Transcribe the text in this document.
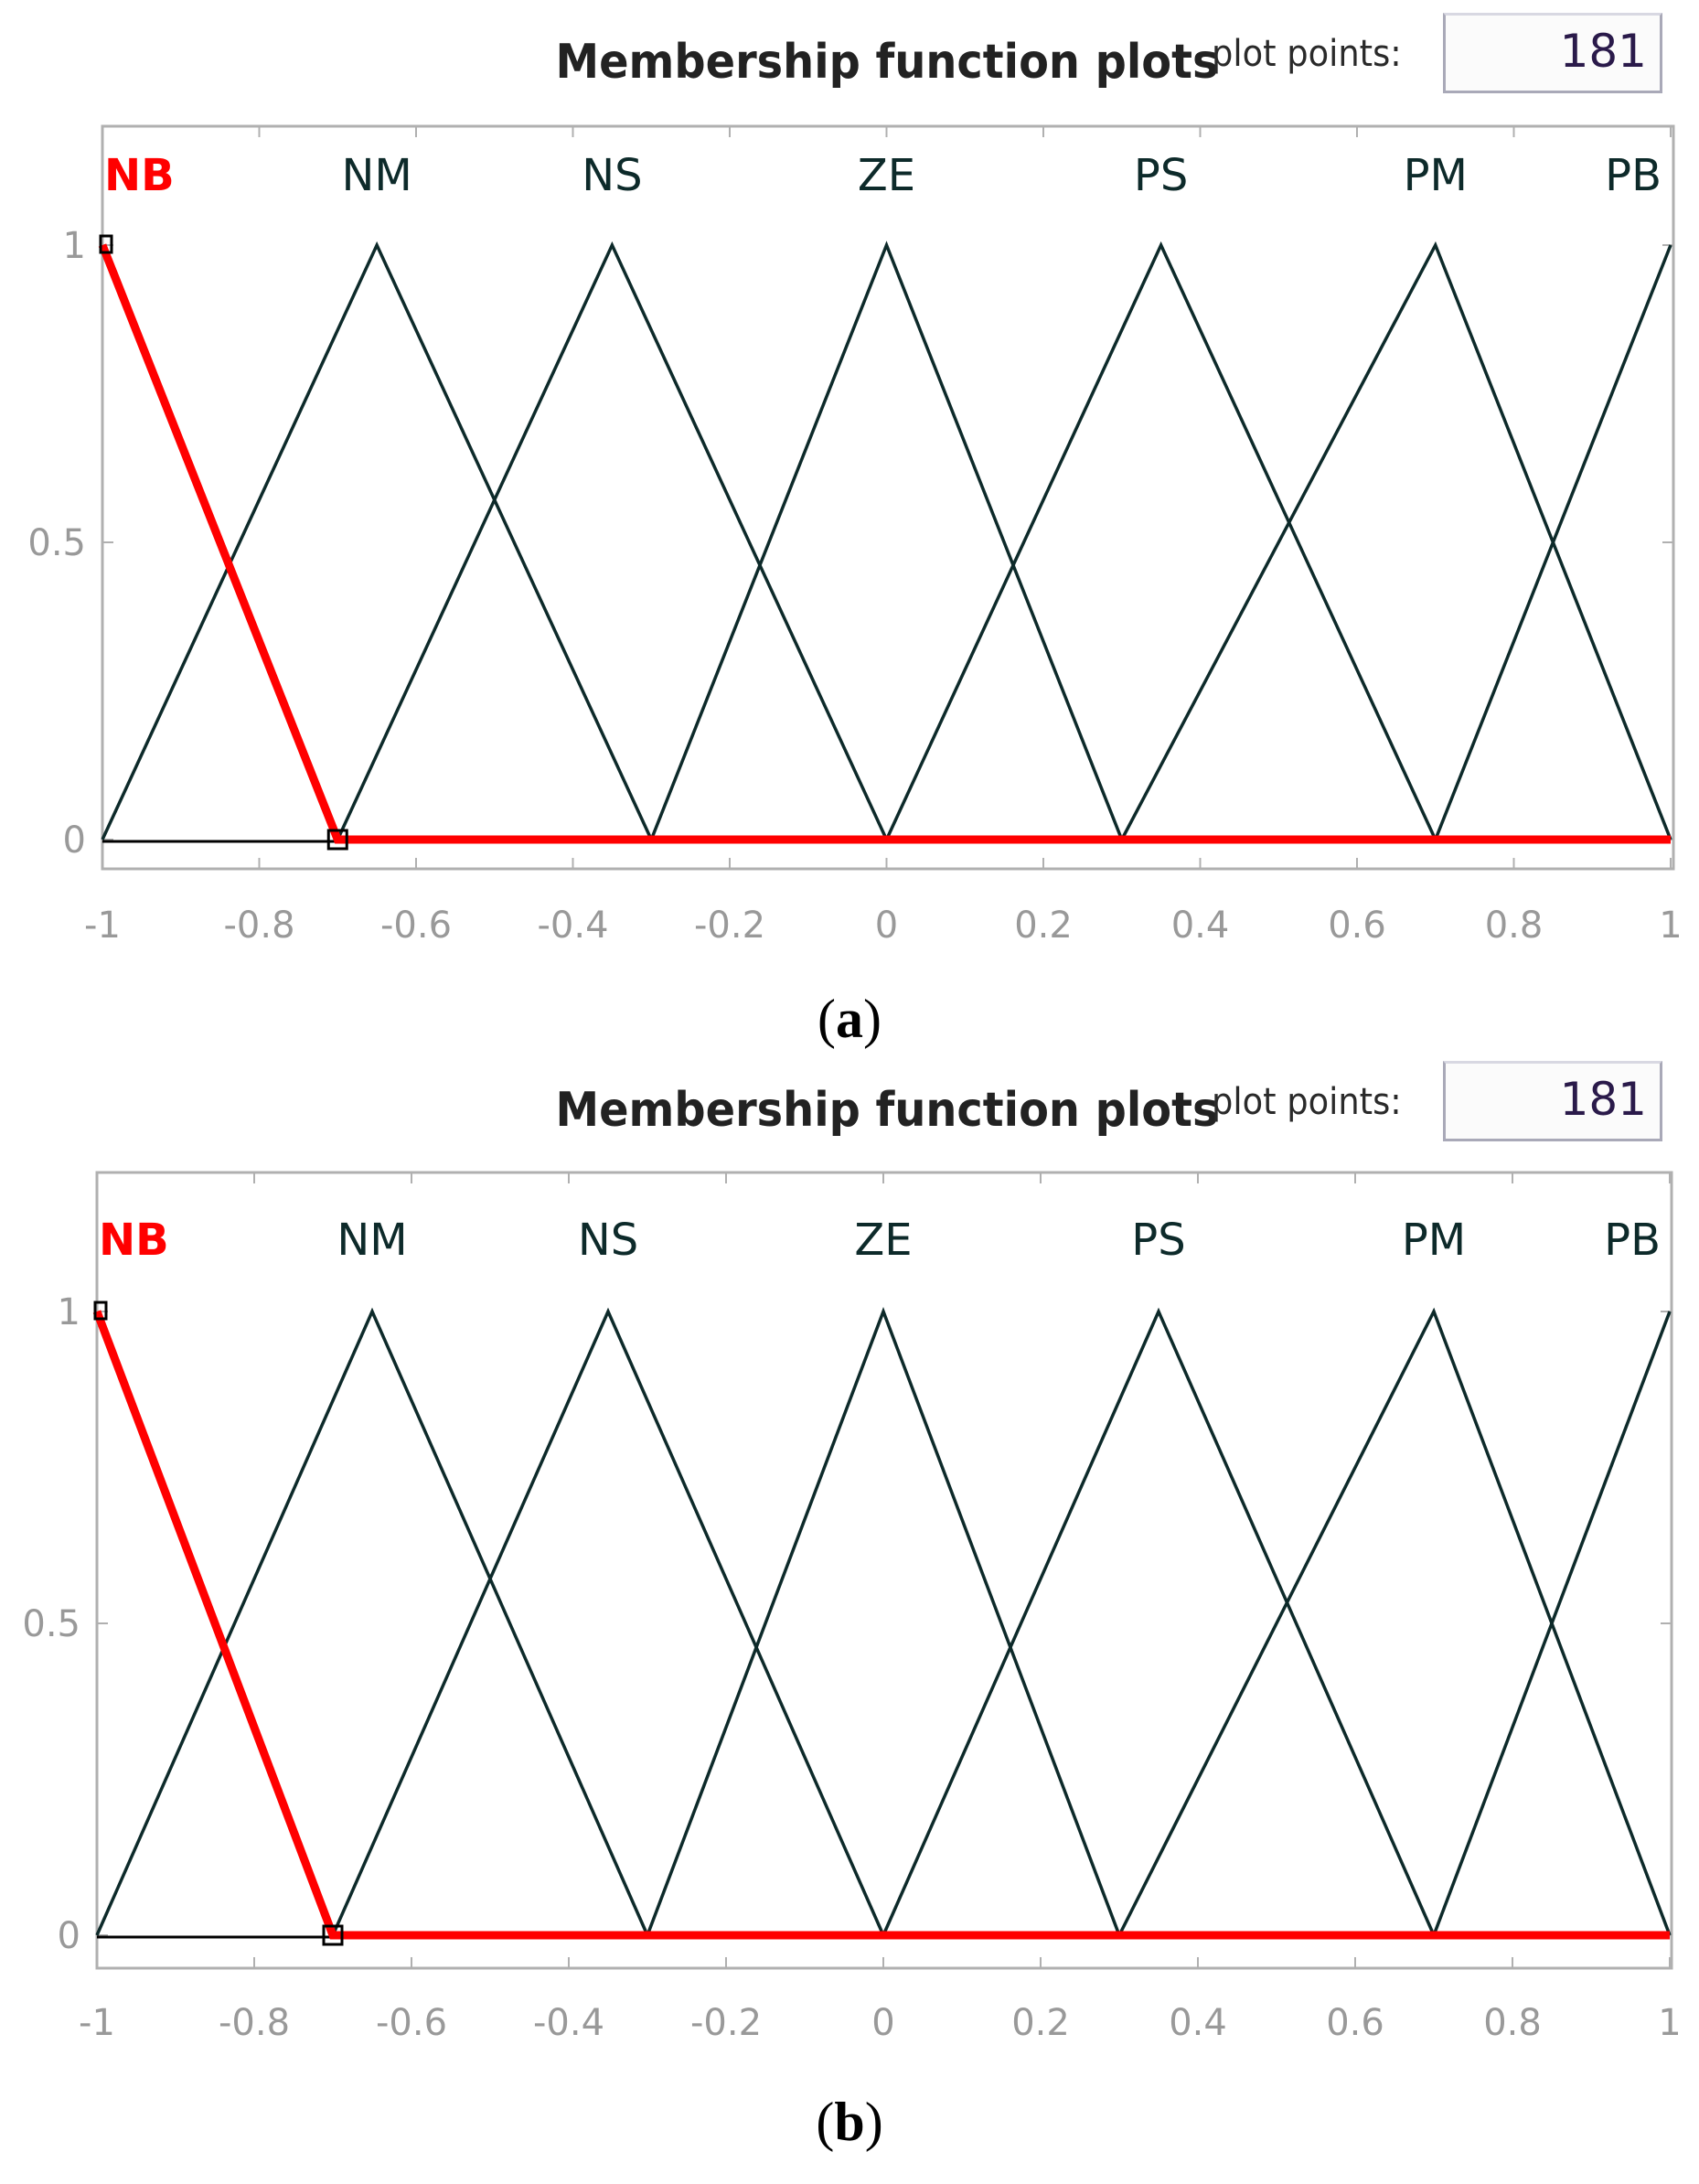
Membership function plots
plot points:	181
-1	-0.8 -0.6 -0.4 -0.2	0	0.2	0.4	0.6	0.8	1
0
0.5
1
NM	NS	ZE	PS	PM	PB
NB
(a)
Membership function plots
plot points:	181
-1	-0.8 -0.6 -0.4 -0.2	0	0.2	0.4	0.6	0.8	1
0
0.5
1
NM	NS	ZE	PS	PM	PB
NB
(b)
